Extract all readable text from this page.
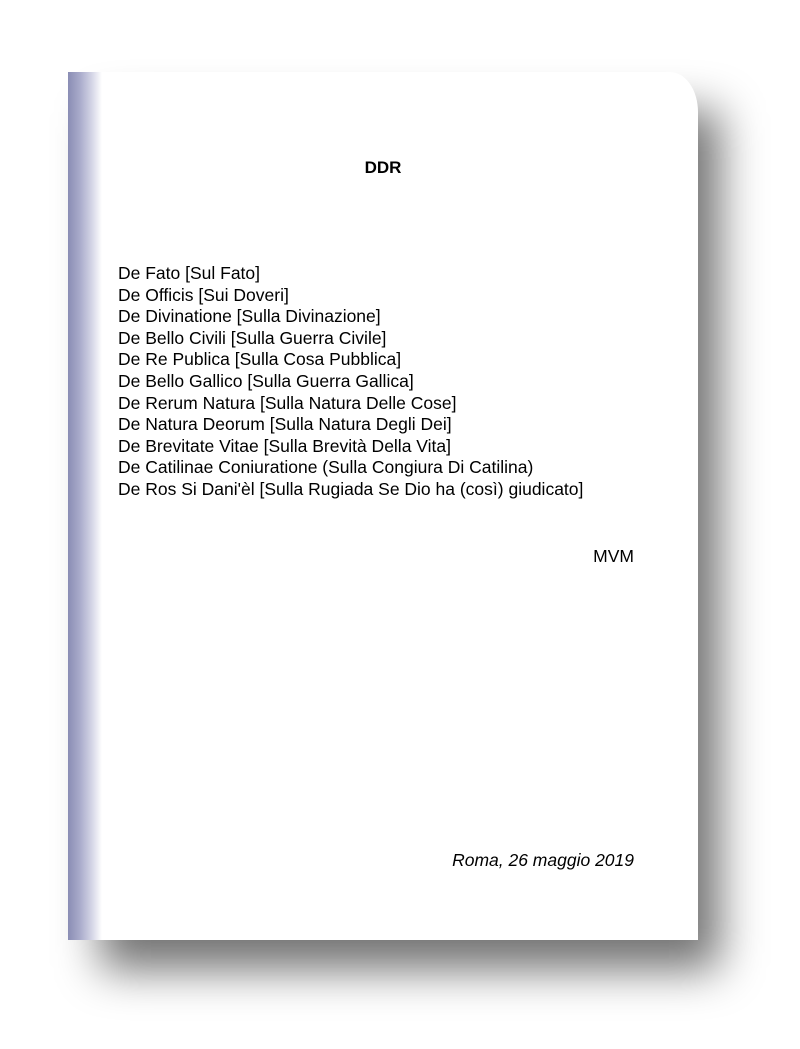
DDR
De Fato [Sul Fato]
De Officis [Sui Doveri]
De Divinatione [Sulla Divinazione]
De Bello Civili [Sulla Guerra Civile]
De Re Publica [Sulla Cosa Pubblica]
De Bello Gallico [Sulla Guerra Gallica]
De Rerum Natura [Sulla Natura Delle Cose]
De Natura Deorum [Sulla Natura Degli Dei]
De Brevitate Vitae [Sulla Brevità Della Vita]
De Catilinae Coniuratione (Sulla Congiura Di Catilina)
De Ros Si Dani'èl [Sulla Rugiada Se Dio ha (così) giudicato]
MVM
Roma, 26 maggio 2019
